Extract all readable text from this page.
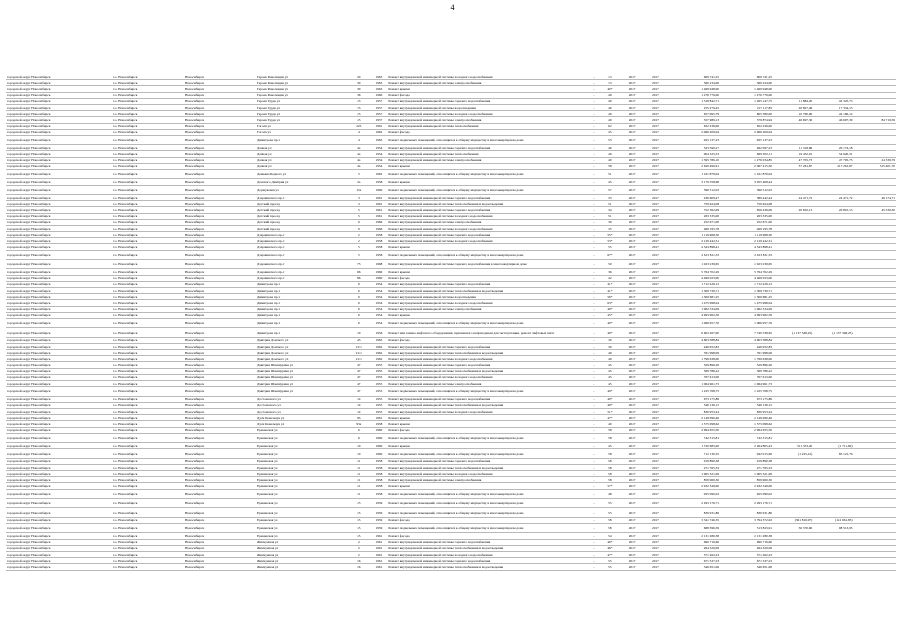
4
городской округ Новосибирск	г.о. Новосибирск	Новосибирск	Героев Революции ул	20	1963	Ремонт внутридомовой инженерной системы холодного водоснабжения	-	13	2017	2017	609 741,25	609 741,25			
городской округ Новосибирск	г.о. Новосибирск	Новосибирск	Героев Революции ул	30	1963	Ремонт внутридомовой инженерной системы электроснабжения	-	13	2017	2017	560 234,00	560 234,00			
городской округ Новосибирск	г.о. Новосибирск	Новосибирск	Героев Революции ул	30	1963	Ремонт крыши	-	40*	2017	2017	1 469 948,00	1 469 948,00			
городской округ Новосибирск	г.о. Новосибирск	Новосибирск	Героев Революции ул	36	1960	Ремонт фасада	-	49	2017	2017	1 276 779,00	1 276 779,00			
городской округ Новосибирск	г.о. Новосибирск	Новосибирск	Героев Труда ул	13	1957	Ремонт внутридомовой инженерной системы горячего водоснабжения	-	40	2017	2017	1 318 842,71	1 265 147,75	11 884,20	42 325,73	
городской округ Новосибирск	г.о. Новосибирск	Новосибирск	Героев Труда ул	13	1957	Ремонт внутридомовой инженерной системы водоотведения	-	40	2017	2017	255 279,45	217 117,83	20 827,49	17 334,13	
городской округ Новосибирск	г.о. Новосибирск	Новосибирск	Героев Труда ул	13	1957	Ремонт внутридомовой инженерной системы холодного водоснабжения	-	40	2017	2017	657 995,79	605 580,00	10 760,00	42 166,12	
городской округ Новосибирск	г.о. Новосибирск	Новосибирск	Героев Труда ул	13	1957	Ремонт внутридомовой инженерной системы электроснабжения	-	40	2017	2017	557 989,13	379 874,94	46 697,30	46 697,30	84 719,59
городской округ Новосибирск	г.о. Новосибирск	Новосибирск	Гоголя ул	225	1961	Ремонт внутридомовой инженерной системы теплоснабжения	-	62	2017	2017	652 236,00	652 236,00			
городской округ Новосибирск	г.о. Новосибирск	Новосибирск	Гоголя ул	4	1962	Ремонт фасада	-	45	2017	2017	2 066 209,04	2 066 209,04			
городской округ Новосибирск	г.о. Новосибирск	Новосибирск	Димитрова пр-т	4	1963	Ремонт подвальных помещений, относящихся к общему имуществу в многоквартирном доме	-	53	2017	2017	925 137,23	925 137,23			
городской округ Новосибирск	г.о. Новосибирск	Новосибирск	Дачная ул	4а	1954	Ремонт внутридомовой инженерной системы горячего водоснабжения	-	40	2017	2017	523 590,27	492 097,23	11 318,86	20 174,18	
городской округ Новосибирск	г.о. Новосибирск	Новосибирск	Дачная ул	4а	1954	Ремонт внутридомовой инженерной системы теплоснабжения	-	40	2017	2017	904 325,33	829 952,11	19 452,91	54 920,31	
городской округ Новосибирск	г.о. Новосибирск	Новосибирск	Дачная ул	4а	1954	Ремонт внутридомовой инженерной системы электроснабжения	-	40	2017	2017	1 395 786,10	1 276 034,85	47 705,73	47 705,73	24 339,79
городской округ Новосибирск	г.о. Новосибирск	Новосибирск	Дачная ул	4а	1954	Ремонт крыши	-	58	2017	2017	2 629 490,91	2 067 415,30	37 261,87	217 261,87	315 401,70
городской округ Новосибирск	г.о. Новосибирск	Новосибирск	Демьяна Бедного ул	5	1962	Ремонт подвальных помещений, относящихся к общему имуществу в многоквартирном доме	-	51	2017	2017	1 161 879,04	1 161 879,04			
городской округ Новосибирск	г.о. Новосибирск	Новосибирск	Донского Дмитрия ул	2а	1958	Ремонт крыши	-	45	2017	2017	3 179 358,68	3 055 408,44			
городской округ Новосибирск	г.о. Новосибирск	Новосибирск	Доржуковая ул	15а	1960	Ремонт подвальных помещений, относящихся к общему имуществу в многоквартирном доме	-	57	2017	2017	396 512,03	396 512,03			
городской округ Новосибирск	г.о. Новосибирск	Новосибирск	Дзержинского пр-т	3	1961	Ремонт внутридомовой инженерной системы горячего водоснабжения	-	33	2017	2017	436 609,47	389 442,44	24 471,72	24 471,72	49 174,71
городской округ Новосибирск	г.о. Новосибирск	Новосибирск	Детский проезд	3	1961	Ремонт внутридомовой инженерной системы теплоснабжения и водоотведения	-	51	2017	2017	759 624,08	759 624,08			
городской округ Новосибирск	г.о. Новосибирск	Новосибирск	Детский проезд	5	1961	Ремонт внутридомовой инженерной системы горячего водоснабжения	-	34	2017	2017	752 362,09	656 439,09	20 810,13	20 810,13	45 539,30
городской округ Новосибирск	г.о. Новосибирск	Новосибирск	Детский проезд	5	1961	Ремонт внутридомовой инженерной системы холодного водоснабжения	-	51	2017	2017	263 335,00	263 335,00			
городской округ Новосибирск	г.о. Новосибирск	Новосибирск	Детский проезд	9	1966	Ремонт внутридомовой инженерной системы электроснабжения	-	30	2017	2017	252 671,00	252 671,00			
городской округ Новосибирск	г.о. Новосибирск	Новосибирск	Детский проезд	9	1966	Ремонт внутридомовой инженерной системы холодного водоснабжения	-	35	2017	2017	469 195,78	469 195,78			
городской округ Новосибирск	г.о. Новосибирск	Новосибирск	Дзержинского пр-т	2	1958	Ремонт внутридомовой инженерной системы горячего водоснабжения	-	55*	2017	2017	1 119 968,30	1 119 968,30			
городской округ Новосибирск	г.о. Новосибирск	Новосибирск	Дзержинского пр-т	2	1958	Ремонт внутридомовой инженерной системы холодного водоснабжения	-	53*	2017	2017	2 129 442,31	2 129 442,31			
городской округ Новосибирск	г.о. Новосибирск	Новосибирск	Дзержинского пр-т	5	1958	Ремонт крыши	-	55	2017	2017	4 543 898,41	4 543 898,41			
городской округ Новосибирск	г.о. Новосибирск	Новосибирск	Дзержинского пр-т	5	1958	Ремонт подвальных помещений, относящихся к общему имуществу в многоквартирном доме	-	67*	2017	2017	2 613 811,33	2 613 811,33			
городской округ Новосибирск	г.о. Новосибирск	Новосибирск	Дзержинского пр-т	73	1968	Ремонт внутридомовой инженерной системы горячего водоснабжения в многоквартирном доме	-	50	2017	2017	1 023 239,65	1 023 239,65			
городской округ Новосибирск	г.о. Новосибирск	Новосибирск	Дзержинского пр-т	66	1960	Ремонт крыши	-	36	2017	2017	5 764 702,29	5 764 702,29			
городской округ Новосибирск	г.о. Новосибирск	Новосибирск	Дзержинского пр-т	86	1960	Ремонт фасада	-	42	2017	2017	4 469 023,00	4 469 023,00			
городской округ Новосибирск	г.о. Новосибирск	Новосибирск	Димитрова пр-т	6	1954	Ремонт внутридомовой инженерной системы горячего водоснабжения	-	41*	2017	2017	1 712 229,13	1 712 229,13			
городской округ Новосибирск	г.о. Новосибирск	Новосибирск	Димитрова пр-т	6	1954	Ремонт внутридомовой инженерной системы теплоснабжения и водоотведения	-	41*	2017	2017	1 309 730,71	1 309 730,71			
городской округ Новосибирск	г.о. Новосибирск	Новосибирск	Димитрова пр-т	6	1954	Ремонт внутридомовой инженерной системы водоотведения	-	59*	2017	2017	1 309 681,25	1 309 681,25			
городской округ Новосибирск	г.о. Новосибирск	Новосибирск	Димитрова пр-т	6	1954	Ремонт внутридомовой инженерной системы холодного водоснабжения	-	63*	2017	2017	1 475 998,04	1 475 998,04			
городской округ Новосибирск	г.о. Новосибирск	Новосибирск	Димитрова пр-т	6	1954	Ремонт внутридомовой инженерной системы электроснабжения	-	49*	2017	2017	1 962 534,09	1 962 534,09			
городской округ Новосибирск	г.о. Новосибирск	Новосибирск	Димитрова пр-т	6	1954	Ремонт крыши	-	45*	2017	2017	4 993 962,59	4 993 962,59			
городской округ Новосибирск	г.о. Новосибирск	Новосибирск	Димитрова пр-т	6	1954	Ремонт подвальных помещений, относящихся к общему имуществу в многоквартирном доме	-	40*	2017	2017	1 066 957,76	1 066 957,76			
городской округ Новосибирск	г.о. Новосибирск	Новосибирск	Димитрова пр-т	10	1956	Ремонт или замена лифтового оборудования, признанного непригодным для эксплуатации, ремонт лифтовых шахт	-	49*	2017	2017	6 603 267,00	7 740 538,65	(1 137 348,25)	(1 137 348,25)	
городской округ Новосибирск	г.о. Новосибирск	Новосибирск	Дмитрия Донского ул	43	1963	Ремонт фасада	-	30	2017	2017	4 603 588,84	4 603 588,84			
городской округ Новосибирск	г.о. Новосибирск	Новосибирск	Дмитрия Донского ул	21/1	1962	Ремонт внутридомовой инженерной системы горячего водоснабжения	-	30	2017	2017	446 952,83	446 952,83			
городской округ Новосибирск	г.о. Новосибирск	Новосибирск	Дмитрия Донского ул	21/1	1962	Ремонт внутридомовой инженерной системы теплоснабжения и водоотведения	-	49	2017	2017	761 998,09	761 998,09			
городской округ Новосибирск	г.о. Новосибирск	Новосибирск	Дмитрия Донского ул	21/1	1962	Ремонт внутридомовой инженерной системы холодного водоснабжения	-	49	2017	2017	1 799 638,00	1 799 638,00			
городской округ Новосибирск	г.о. Новосибирск	Новосибирск	Дмитрия Шамшурина ул	47	1955	Ремонт внутридомовой инженерной системы горячего водоснабжения	-	45	2017	2017	529 896,26	529 896,26			
городской округ Новосибирск	г.о. Новосибирск	Новосибирск	Дмитрия Шамшурина ул	47	1955	Ремонт внутридомовой инженерной системы теплоснабжения и водоотведения	-	45	2017	2017	569 786,22	569 786,22			
городской округ Новосибирск	г.о. Новосибирск	Новосибирск	Дмитрия Шамшурина ул	47	1955	Ремонт внутридомовой инженерной системы холодного водоснабжения	-	45	2017	2017	767 613,00	767 613,00			
городской округ Новосибирск	г.о. Новосибирск	Новосибирск	Дмитрия Шамшурина ул	47	1955	Ремонт внутридомовой инженерной системы электроснабжения	-	45	2017	2017	1 064 961,73	1 064 961,73			
городской округ Новосибирск	г.о. Новосибирск	Новосибирск	Дмитрия Шамшурина ул	47	1955	Ремонт подвальных помещений, относящихся к общему имуществу в многоквартирном доме	-	49*	2017	2017	1 225 768,75	1 225 768,75			
городской округ Новосибирск	г.о. Новосибирск	Новосибирск	Достоевского ул	14	1955	Ремонт внутридомовой инженерной системы горячего водоснабжения	-	49*	2017	2017	673 175,86	673 175,86			
городской округ Новосибирск	г.о. Новосибирск	Новосибирск	Достоевского ул	14	1955	Ремонт внутридомовой инженерной системы теплоснабжения и водоотведения	-	49*	2017	2017	546 136,15	546 136,15			
городской округ Новосибирск	г.о. Новосибирск	Новосибирск	Достоевского ул	14	1955	Ремонт внутридомовой инженерной системы холодного водоснабжения	-	51*	2017	2017	830 953,24	830 953,24			
городской округ Новосибирск	г.о. Новосибирск	Новосибирск	Дуси Ковальчук ул	93	1961	Ремонт крыши	-	47*	2017	2017	2 149 090,46	2 149 090,46			
городской округ Новосибирск	г.о. Новосибирск	Новосибирск	Дуси Ковальчук ул	93а	1958	Ремонт крыши	-	49	2017	2017	1 575 098,62	1 575 098,62			
городской округ Новосибирск	г.о. Новосибирск	Новосибирск	Ереванская ул	6	1960	Ремонт фасада	-	58	2017	2017	2 994 655,50	2 994 655,50			
городской округ Новосибирск	г.о. Новосибирск	Новосибирск	Ереванская ул	6	1960	Ремонт подвальных помещений, относящихся к общему имуществу в многоквартирном доме	-	58	2017	2017	742 315,81	742 315,81			
городской округ Новосибирск	г.о. Новосибирск	Новосибирск	Ереванская ул	10	1960	Ремонт крыши	-	45	2017	2017	1 720 685,00	2 264 805,43	511 353,20	(1 711,60)	
городской округ Новосибирск	г.о. Новосибирск	Новосибирск	Ереванская ул	10	1960	Ремонт подвальных помещений, относящихся к общему имуществу в многоквартирном доме	-	58	2017	2017	712 130,35	942 015,69	(1 225,41)	85 121,79	
городской округ Новосибирск	г.о. Новосибирск	Новосибирск	Ереванская ул	11	1958	Ремонт внутридомовой инженерной системы горячего водоснабжения	-	58	2017	2017	919 890,38	919 890,38			
городской округ Новосибирск	г.о. Новосибирск	Новосибирск	Ереванская ул	11	1958	Ремонт внутридомовой инженерной системы теплоснабжения и водоотведения	-	58	2017	2017	471 765,33	471 765,33			
городской округ Новосибирск	г.о. Новосибирск	Новосибирск	Ереванская ул	11	1958	Ремонт внутридомовой инженерной системы холодного водоснабжения	-	58	2017	2017	1 905 321,09	1 905 321,09			
городской округ Новосибирск	г.о. Новосибирск	Новосибирск	Ереванская ул	11	1958	Ремонт внутридомовой инженерной системы электроснабжения	-	58	2017	2017	859 960,30	859 960,30			
городской округ Новосибирск	г.о. Новосибирск	Новосибирск	Ереванская ул	11	1958	Ремонт крыши	-	57*	2017	2017	2 932 349,00	2 932 349,00			
городской округ Новосибирск	г.о. Новосибирск	Новосибирск	Ереванская ул	11	1958	Ремонт подвальных помещений, относящихся к общему имуществу в многоквартирном доме	-	48	2017	2017	925 090,02	925 090,02			
городской округ Новосибирск	г.о. Новосибирск	Новосибирск	Ереванская ул	13	1959	Ремонт подвальных помещений, относящихся к общему имуществу в многоквартирном доме	-	55	2017	2017	2 293 176,71	2 293 176,71			
городской округ Новосибирск	г.о. Новосибирск	Новосибирск	Ереванская ул	15	1959	Ремонт подвальных помещений, относящихся к общему имуществу в многоквартирном доме	-	55	2017	2017	830 931,86	830 931,86			
городской округ Новосибирск	г.о. Новосибирск	Новосибирск	Ереванская ул	15	1959	Ремонт фасада	-	58	2017	2017	3 341 746,35	3 794 372,02	(361 816,97)	(112 961,83)	
городской округ Новосибирск	г.о. Новосибирск	Новосибирск	Ереванская ул	15	1959	Ремонт подвальных помещений, относящихся к общему имуществу в многоквартирном доме	-	58	2017	2017	668 396,59	513 823,91	56 370,60	98 513,95	
городской округ Новосибирск	г.о. Новосибирск	Новосибирск	Ереванская ул	15	1961	Ремонт фасада	-	54	2017	2017	2 131 280,38	2 131 280,38			
городской округ Новосибирск	г.о. Новосибирск	Новосибирск	Жемчужная ул	2	1961	Ремонт внутридомовой инженерной системы горячего водоснабжения	-	46*	2017	2017	690 716,60	690 716,60			
городской округ Новосибирск	г.о. Новосибирск	Новосибирск	Жемчужная ул	2	1961	Ремонт внутридомовой инженерной системы теплоснабжения и водоотведения	-	46*	2017	2017	494 329,09	494 329,09			
городской округ Новосибирск	г.о. Новосибирск	Новосибирск	Жемчужная ул	2	1961	Ремонт внутридомовой инженерной системы холодного водоснабжения	-	47*	2017	2017	371 262,23	371 262,23			
городской округ Новосибирск	г.о. Новосибирск	Новосибирск	Жемчужная ул	16	1961	Ремонт внутридомовой инженерной системы горячего водоснабжения	-	55	2017	2017	671 537,23	671 537,23			
городской округ Новосибирск	г.о. Новосибирск	Новосибирск	Жемчужная ул	16	1961	Ремонт внутридомовой инженерной системы теплоснабжения и водоотведения	-	55	2017	2017	546 651,06	546 651,06			
